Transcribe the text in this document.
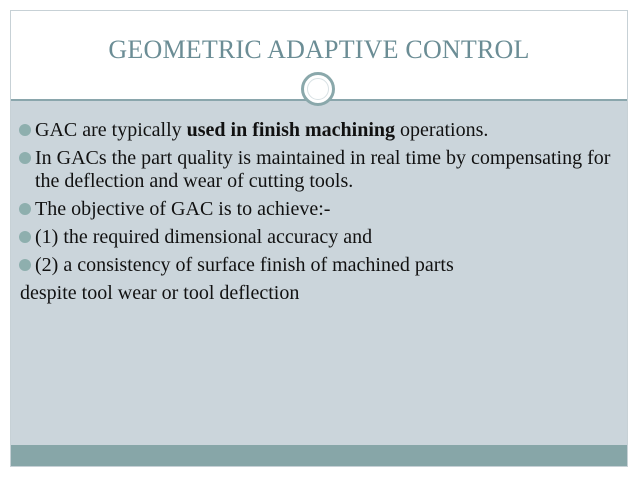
GEOMETRIC ADAPTIVE CONTROL
GAC are typically used in finish machining operations.
In GACs the part quality is maintained in real time by compensating for the deflection and wear of cutting tools.
The objective of GAC is to achieve:-
(1) the required dimensional accuracy and
(2) a consistency of surface finish of machined parts
despite tool wear or tool deflection
